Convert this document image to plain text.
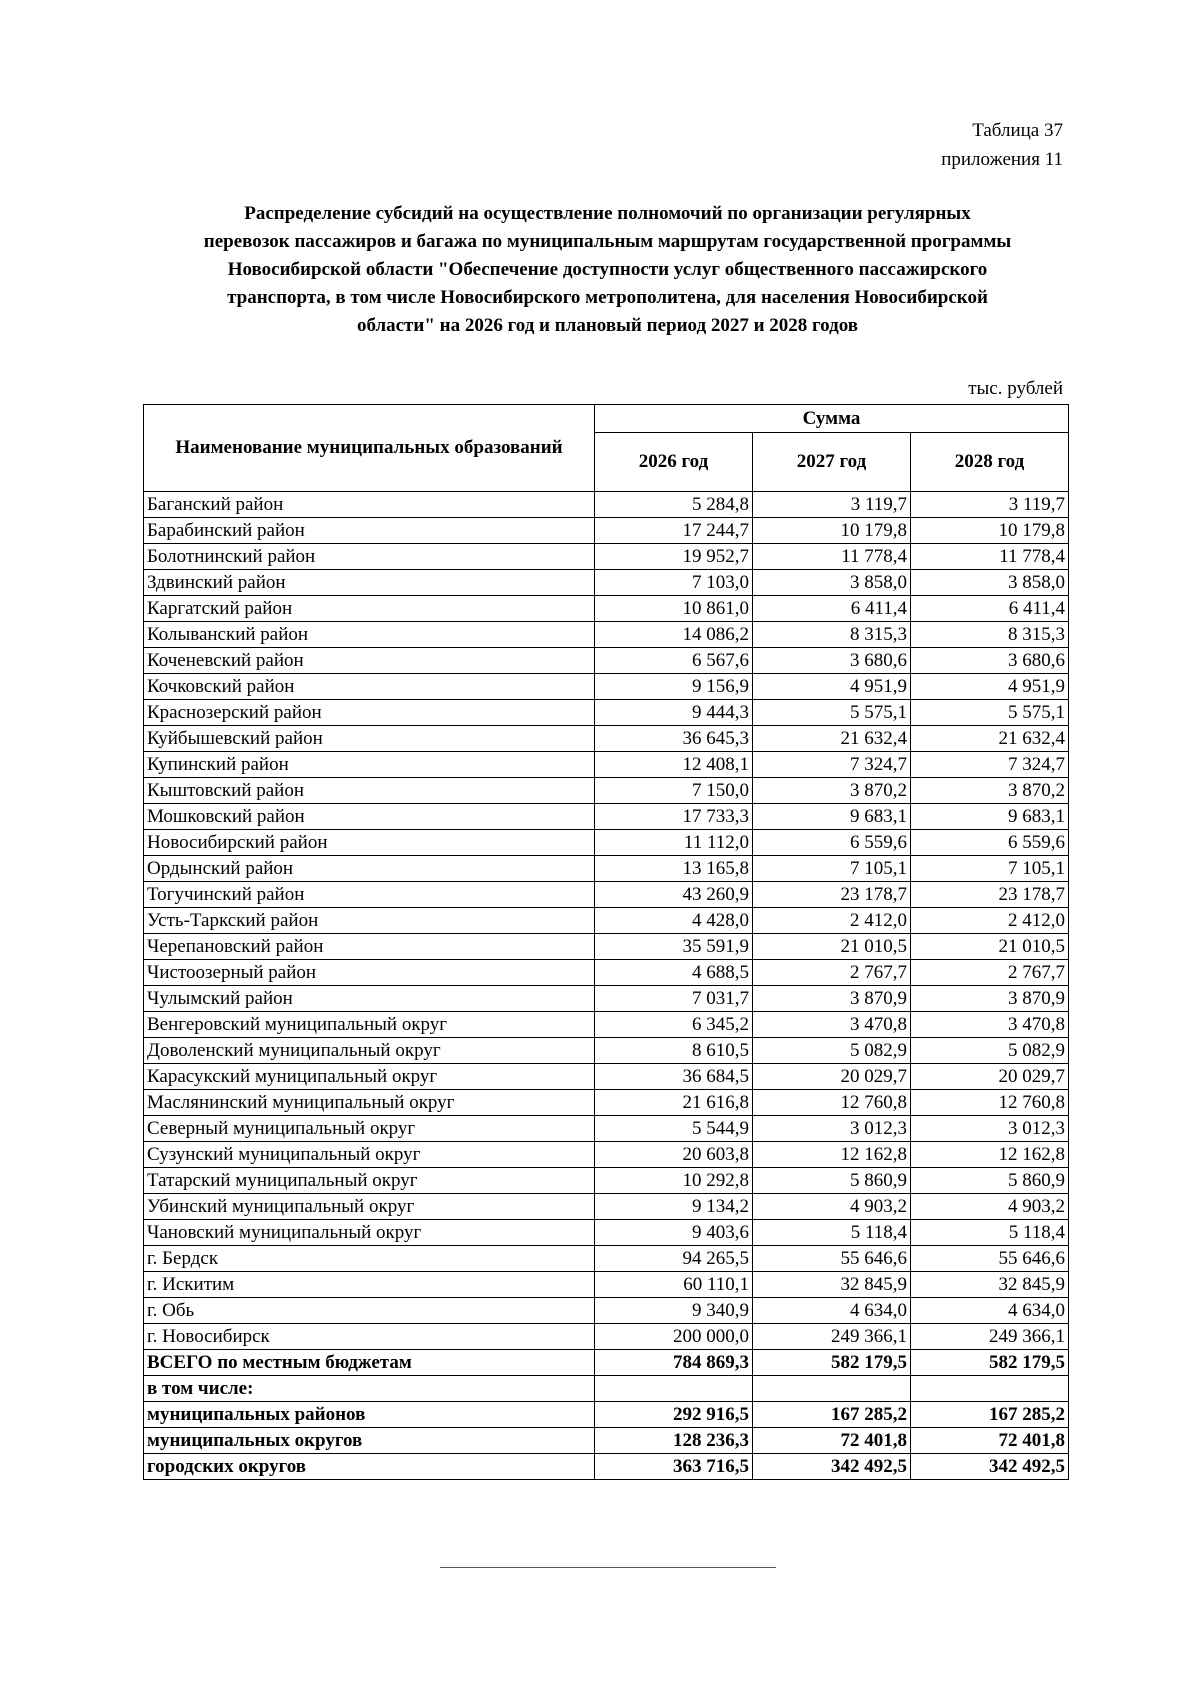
Таблица 37
приложения 11
Распределение субсидий на осуществление полномочий по организации регулярных
перевозок пассажиров и багажа по муниципальным маршрутам государственной программы
Новосибирской области "Обеспечение доступности услуг общественного пассажирского
транспорта, в том числе Новосибирского метрополитена, для населения Новосибирской
области" на 2026 год и плановый период 2027 и 2028 годов
тыс. рублей
Наименование муниципальных образований	Сумма		
	2026 год	2027 год	2028 год
Баганский район	5 284,8	3 119,7	3 119,7
Барабинский район	17 244,7	10 179,8	10 179,8
Болотнинский район	19 952,7	11 778,4	11 778,4
Здвинский район	7 103,0	3 858,0	3 858,0
Каргатский район	10 861,0	6 411,4	6 411,4
Колыванский район	14 086,2	8 315,3	8 315,3
Коченевский район	6 567,6	3 680,6	3 680,6
Кочковский район	9 156,9	4 951,9	4 951,9
Краснозерский район	9 444,3	5 575,1	5 575,1
Куйбышевский район	36 645,3	21 632,4	21 632,4
Купинский район	12 408,1	7 324,7	7 324,7
Кыштовский район	7 150,0	3 870,2	3 870,2
Мошковский район	17 733,3	9 683,1	9 683,1
Новосибирский район	11 112,0	6 559,6	6 559,6
Ордынский район	13 165,8	7 105,1	7 105,1
Тогучинский район	43 260,9	23 178,7	23 178,7
Усть-Таркский район	4 428,0	2 412,0	2 412,0
Черепановский район	35 591,9	21 010,5	21 010,5
Чистоозерный район	4 688,5	2 767,7	2 767,7
Чулымский район	7 031,7	3 870,9	3 870,9
Венгеровский муниципальный округ	6 345,2	3 470,8	3 470,8
Доволенский муниципальный округ	8 610,5	5 082,9	5 082,9
Карасукский муниципальный округ	36 684,5	20 029,7	20 029,7
Маслянинский муниципальный округ	21 616,8	12 760,8	12 760,8
Северный муниципальный округ	5 544,9	3 012,3	3 012,3
Сузунский муниципальный округ	20 603,8	12 162,8	12 162,8
Татарский муниципальный округ	10 292,8	5 860,9	5 860,9
Убинский муниципальный округ	9 134,2	4 903,2	4 903,2
Чановский муниципальный округ	9 403,6	5 118,4	5 118,4
г. Бердск	94 265,5	55 646,6	55 646,6
г. Искитим	60 110,1	32 845,9	32 845,9
г. Обь	9 340,9	4 634,0	4 634,0
г. Новосибирск	200 000,0	249 366,1	249 366,1
ВСЕГО по местным бюджетам	784 869,3	582 179,5	582 179,5
в том числе:			
муниципальных районов	292 916,5	167 285,2	167 285,2
муниципальных округов	128 236,3	72 401,8	72 401,8
городских округов	363 716,5	342 492,5	342 492,5
